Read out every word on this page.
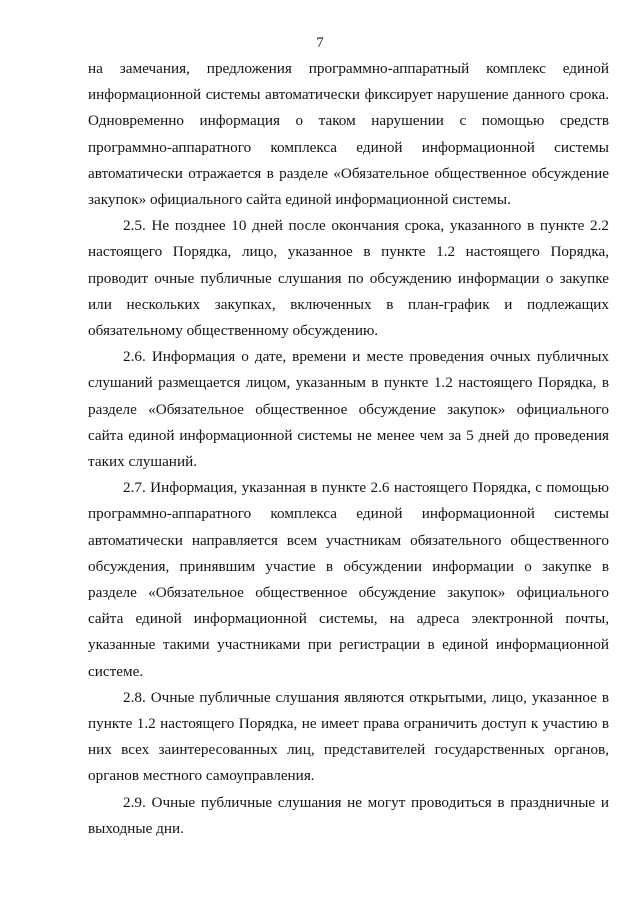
7

на замечания, предложения программно-аппаратный комплекс единой информационной системы автоматически фиксирует нарушение данного срока. Одновременно информация о таком нарушении с помощью средств программно-аппаратного комплекса единой информационной системы автоматически отражается в разделе «Обязательное общественное обсуждение закупок» официального сайта единой информационной системы.

2.5. Не позднее 10 дней после окончания срока, указанного в пункте 2.2 настоящего Порядка, лицо, указанное в пункте 1.2 настоящего Порядка, проводит очные публичные слушания по обсуждению информации о закупке или нескольких закупках, включенных в план-график и подлежащих обязательному общественному обсуждению.

2.6. Информация о дате, времени и месте проведения очных публичных слушаний размещается лицом, указанным в пункте 1.2 настоящего Порядка, в разделе «Обязательное общественное обсуждение закупок» официального сайта единой информационной системы не менее чем за 5 дней до проведения таких слушаний.

2.7. Информация, указанная в пункте 2.6 настоящего Порядка, с помощью программно-аппаратного комплекса единой информационной системы автоматически направляется всем участникам обязательного общественного обсуждения, принявшим участие в обсуждении информации о закупке в разделе «Обязательное общественное обсуждение закупок» официального сайта единой информационной системы, на адреса электронной почты, указанные такими участниками при регистрации в единой информационной системе.

2.8. Очные публичные слушания являются открытыми, лицо, указанное в пункте 1.2 настоящего Порядка, не имеет права ограничить доступ к участию в них всех заинтересованных лиц, представителей государственных органов, органов местного самоуправления.

2.9. Очные публичные слушания не могут проводиться в праздничные и выходные дни.
